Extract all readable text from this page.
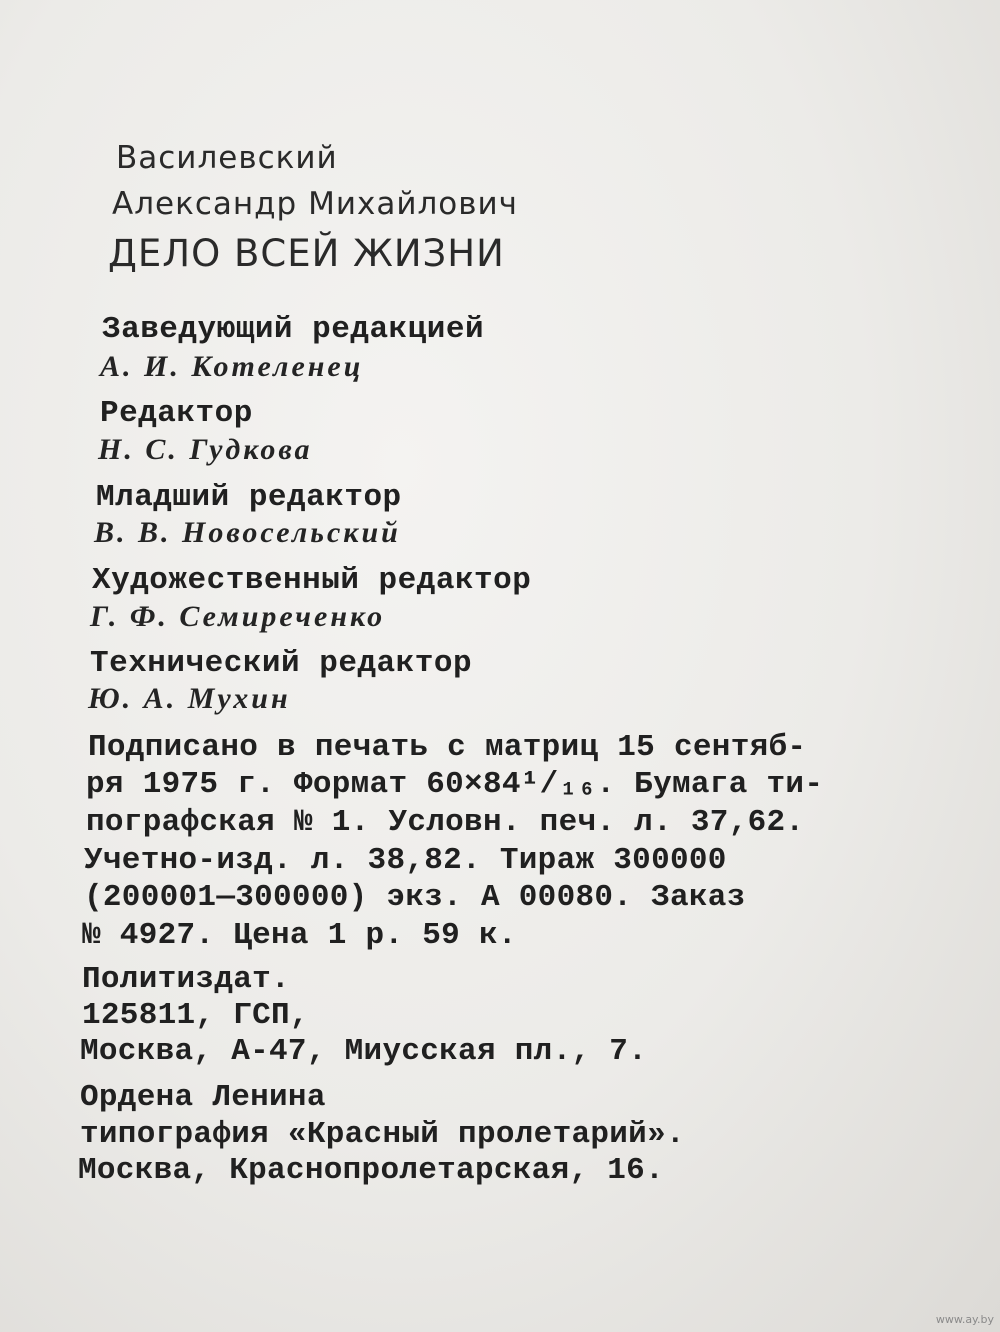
Василевский
Александр Михайлович
ДЕЛО ВСЕЙ ЖИЗНИ
Заведующий редакцией
А. И. Котеленец
Редактор
Н. С. Гудкова
Младший редактор
В. В. Новосельский
Художественный редактор
Г. Ф. Семиреченко
Технический редактор
Ю. А. Мухин
Подписано в печать с матриц 15 сентяб-
ря 1975 г. Формат 60×84¹/₁₆. Бумага ти-
пографская № 1. Условн. печ. л. 37,62.
Учетно-изд. л. 38,82. Тираж 300000
(200001—300000) экз. А 00080. Заказ
№ 4927. Цена 1 р. 59 к.
Политиздат.
125811, ГСП,
Москва, А-47, Миусская пл., 7.
Ордена Ленина
типография «Красный пролетарий».
Москва, Краснопролетарская, 16.
www.ay.by
